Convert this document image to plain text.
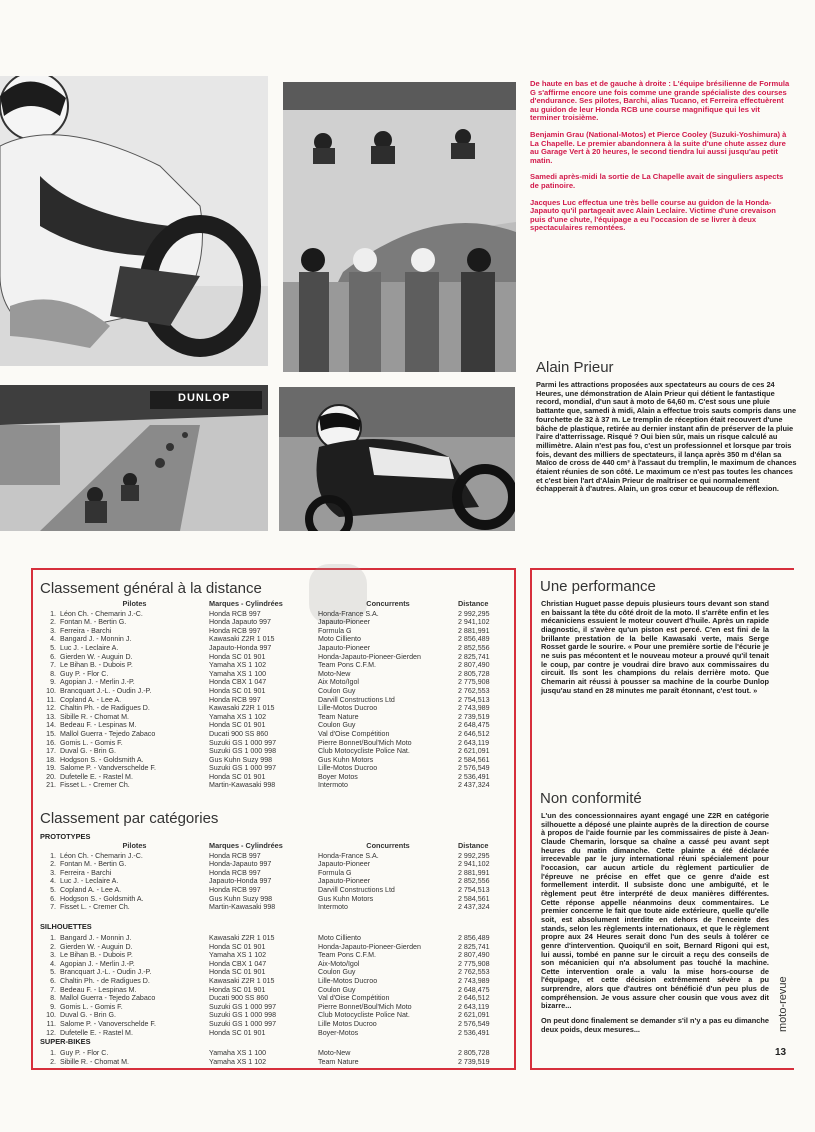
DUNLOP

De haute en bas et de gauche à droite : L'équipe brésilienne de Formula G s'affirme encore une fois comme une grande spécialiste des courses d'endurance. Ses pilotes, Barchi, alias Tucano, et Ferreira effectuèrent au guidon de leur Honda RCB une course magnifique qui les vit terminer troisième.

Benjamin Grau (National-Motos) et Pierce Cooley (Suzuki-Yoshimura) à La Chapelle. Le premier abandonnera à la suite d'une chute assez dure au Garage Vert à 20 heures, le second tiendra lui aussi jusqu'au petit matin.

Samedi après-midi la sortie de La Chapelle avait de singuliers aspects de patinoire.

Jacques Luc effectua une très belle course au guidon de la Honda-Japauto qu'il partageait avec Alain Leclaire. Victime d'une crevaison puis d'une chute, l'équipage a eu l'occasion de se livrer à deux spectaculaires remontées.

Alain Prieur
Parmi les attractions proposées aux spectateurs au cours de ces 24 Heures, une démonstration de Alain Prieur qui détient le fantastique record, mondial, d'un saut à moto de 64,60 m. C'est sous une pluie battante que, samedi à midi, Alain a effectue trois sauts compris dans une fourchette de 32 à 37 m. Le tremplin de réception était recouvert d'une bâche de plastique, retirée au dernier instant afin de préserver de la pluie l'aire d'atterrissage. Risqué ? Oui bien sûr, mais un risque calculé au millimètre. Alain n'est pas fou, c'est un professionnel et lorsque par trois fois, devant des milliers de spectateurs, il lança après 350 m d'élan sa Maïco de cross de 440 cm³ à l'assaut du tremplin, le maximum de chances étaient réunies de son côté. Le maximum ce n'est pas toutes les chances et c'est bien l'art d'Alain Prieur de maîtriser ce qui normalement échapperait à d'autres. Alain, un gros cœur et beaucoup de réflexion.
Classement général à la distance
	Pilotes	Marques - Cylindrées	Concurrents	Distance
1.	Léon Ch. - Chemarin J.-C.	Honda RCB 997	Honda-France S.A.	2 992,295
2.	Fontan M. - Bertin G.	Honda Japauto 997	Japauto-Pioneer	2 941,102
3.	Ferreira - Barchi	Honda RCB 997	Formula G	2 881,991
4.	Bangard J. - Monnin J.	Kawasaki Z2R 1 015	Moto Cilliento	2 856,489
5.	Luc J. - Leclaire A.	Japauto-Honda 997	Japauto-Pioneer	2 852,556
6.	Gierden W. - Auguin D.	Honda SC 01 901	Honda-Japauto-Pioneer-Gierden	2 825,741
7.	Le Bihan B. - Dubois P.	Yamaha XS 1 102	Team Pons C.F.M.	2 807,490
8.	Guy P. - Flor C.	Yamaha XS 1 100	Moto-New	2 805,728
9.	Agopian J. - Merlin J.-P.	Honda CBX 1 047	Aix Moto/Igol	2 775,908
10.	Brancquart J.-L. - Oudin J.-P.	Honda SC 01 901	Coulon Guy	2 762,553
11.	Copland A. - Lee A.	Honda RCB 997	Darvill Constructions Ltd	2 754,513
12.	Chaltin Ph. - de Radigues D.	Kawasaki Z2R 1 015	Lille-Motos Ducroo	2 743,989
13.	Sibille R. - Chomat M.	Yamaha XS 1 102	Team Nature	2 739,519
14.	Bedeau F. - Lespinas M.	Honda SC 01 901	Coulon Guy	2 648,475
15.	Mallol Guerra - Tejedo Zabaco	Ducati 900 SS 860	Val d'Oise Compétition	2 646,512
16.	Gomis L. - Gomis F.	Suzuki GS 1 000 997	Pierre Bonnet/Boul'Mich Moto	2 643,119
17.	Duval G. - Brin G.	Suzuki GS 1 000 998	Club Motocycliste Police Nat.	2 621,091
18.	Hodgson S. - Goldsmith A.	Gus Kuhn Suzy 998	Gus Kuhn Motors	2 584,561
19.	Salome P. - Vandverschelde F.	Suzuki GS 1 000 997	Lille-Motos Ducroo	2 576,549
20.	Dufetelle E. - Rastel M.	Honda SC 01 901	Boyer Motos	2 536,491
21.	Fisset L. - Cremer Ch.	Martin-Kawasaki 998	Intermoto	2 437,324
Classement par catégories
PROTOTYPES
	Pilotes	Marques - Cylindrées	Concurrents	Distance
1.	Léon Ch. - Chemarin J.-C.	Honda RCB 997	Honda-France S.A.	2 992,295
2.	Fontan M. - Bertin G.	Honda-Japauto 997	Japauto-Pioneer	2 941,102
3.	Ferreira - Barchi	Honda RCB 997	Formula G	2 881,991
4.	Luc J. - Leclaire A.	Japauto-Honda 997	Japauto-Pioneer	2 852,556
5.	Copland A. - Lee A.	Honda RCB 997	Darvill Constructions Ltd	2 754,513
6.	Hodgson S. - Goldsmith A.	Gus Kuhn Suzy 998	Gus Kuhn Motors	2 584,561
7.	Fisset L. - Cremer Ch.	Martin-Kawasaki 998	Intermoto	2 437,324
SILHOUETTES
1.	Bangard J. - Monnin J.	Kawasaki Z2R 1 015	Moto Cilliento	2 856,489
2.	Gierden W. - Auguin D.	Honda SC 01 901	Honda-Japauto-Pioneer-Gierden	2 825,741
3.	Le Bihan B. - Dubois P.	Yamaha XS 1 102	Team Pons C.F.M.	2 807,490
4.	Agopian J. - Merlin J.-P.	Honda CBX 1 047	Aix-Moto/Igol	2 775,908
5.	Brancquart J.-L. - Oudin J.-P.	Honda SC 01 901	Coulon Guy	2 762,553
6.	Chaltin Ph. - de Radigues D.	Kawasaki Z2R 1 015	Lille-Motos Ducroo	2 743,989
7.	Bedeau F. - Lespinas M.	Honda SC 01 901	Coulon Guy	2 648,475
8.	Mallol Guerra - Tejedo Zabaco	Ducati 900 SS 860	Val d'Oise Compétition	2 646,512
9.	Gomis L. - Gomis F.	Suzuki GS 1 000 997	Pierre Bonnet/Boul'Mich Moto	2 643,119
10.	Duval G. - Brin G.	Suzuki GS 1 000 998	Club Motocycliste Police Nat.	2 621,091
11.	Salome P. - Vanoverschelde F.	Suzuki GS 1 000 997	Lille Motos Ducroo	2 576,549
12.	Dufetelle E. - Rastel M.	Honda SC 01 901	Boyer-Motos	2 536,491
SUPER-BIKES
1.	Guy P. - Flor C.	Yamaha XS 1 100	Moto-New	2 805,728
2.	Sibille R. - Chomat M.	Yamaha XS 1 102	Team Nature	2 739,519
Une performance
Christian Huguet passe depuis plusieurs tours devant son stand en baissant la tête du côté droit de la moto. Il s'arrête enfin et les mécaniciens essuient le moteur couvert d'huile. Après un rapide diagnostic, il s'avère qu'un piston est percé. C'en est fini de la brillante prestation de la belle Kawasaki verte, mais Serge Rosset garde le sourire. « Pour une première sortie de l'écurie je ne suis pas mécontent et le nouveau moteur a prouvé qu'il tenait le coup, par contre je voudrai dire bravo aux commissaires du circuit. Ils sont les champions du relais derrière moto. Que Chemarin ait réussi à pousser sa machine de la courbe Dunlop jusqu'au stand en 28 minutes me paraît étonnant, c'est tout. »
Non conformité

L'un des concessionnaires ayant engagé une Z2R en catégorie silhouette a déposé une plainte auprès de la direction de course à propos de l'aide fournie par les commissaires de piste à Jean-Claude Chemarin, lorsque sa chaîne a cassé peu avant sept heures du matin dimanche. Cette plainte a été déclarée irrecevable par le jury international réuni spécialement pour l'occasion, car aucun article du règlement particulier de l'épreuve ne précise en effet que ce genre d'aide est formellement interdit. Il subsiste donc une ambiguïté, et le règlement peut être interprété de deux manières différentes. Cette réponse appelle néanmoins deux commentaires. Le premier concerne le fait que toute aide extérieure, quelle qu'elle soit, est absolument interdite en dehors de l'enceinte des stands, selon les règlements internationaux, et que le règlement propre aux 24 Heures serait donc l'un des seuls à tolérer ce genre d'intervention. Quoiqu'il en soit, Bernard Rigoni qui est, lui aussi, tombé en panne sur le circuit a reçu des conseils de son mécanicien qui n'a absolument pas touché la machine. Cette intervention orale a valu la mise hors-course de l'équipage, et cette décision extrêmement sévère a pu surprendre, alors que d'autres ont bénéficié d'un peu plus de compréhension. Je vous assure cher cousin que vous avez dit bizarre...

On peut donc finalement se demander s'il n'y a pas eu dimanche deux poids, deux mesures...	moto-revue
13
